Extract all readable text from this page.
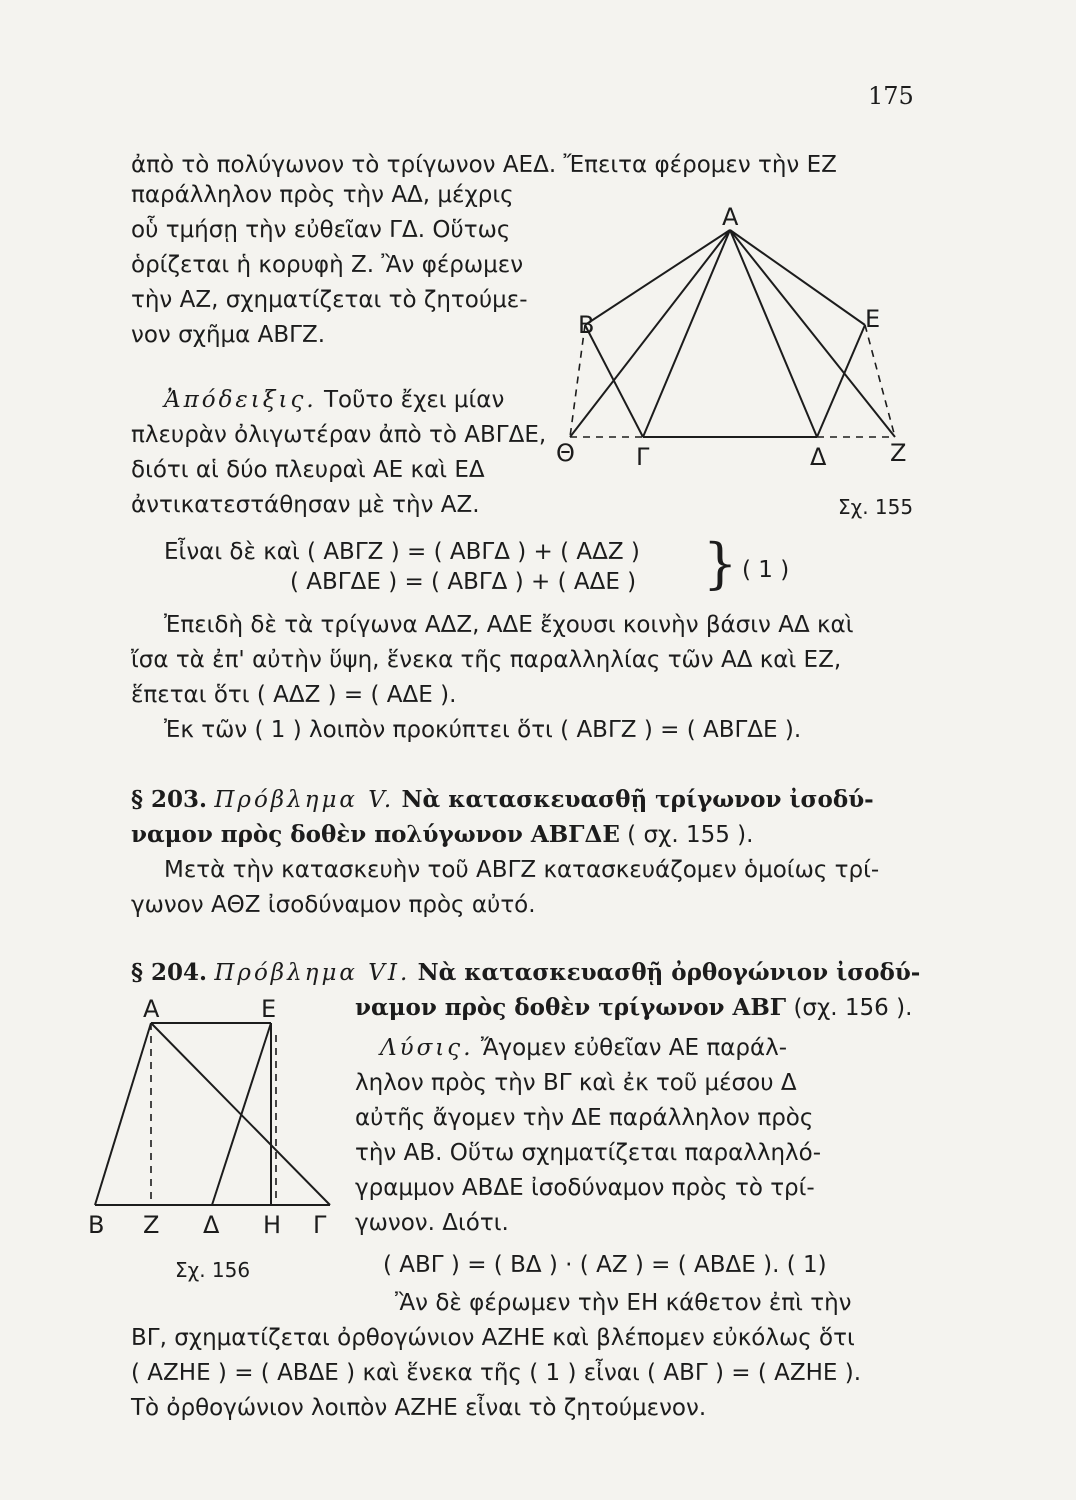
175
ἀπὸ τὸ πολύγωνον τὸ τρίγωνον ΑΕΔ. Ἔπειτα φέρομεν τὴν ΕΖ
παράλληλον πρὸς τὴν ΑΔ, μέχρις
οὗ τμήσῃ τὴν εὐθεῖαν ΓΔ. Οὕτως
ὁρίζεται ἡ κορυφὴ Ζ. Ἂν φέρωμεν
τὴν ΑΖ, σχηματίζεται τὸ ζητούμε-
νον σχῆμα ΑΒΓΖ.
Ἀπόδειξις. Τοῦτο ἔχει μίαν
πλευρὰν ὀλιγωτέραν ἀπὸ τὸ ΑΒΓΔΕ,
διότι αἱ δύο πλευραὶ ΑΕ καὶ ΕΔ
ἀντικατεστάθησαν μὲ τὴν ΑΖ.
Α
Β	Ε
Θ	Γ	Δ	Ζ
Σχ. 155
Εἶναι δὲ καὶ ( ΑΒΓΖ ) = ( ΑΒΓΔ ) + ( ΑΔΖ )
( ΑΒΓΔΕ ) = ( ΑΒΓΔ ) + ( ΑΔΕ ) } ( 1 )
Ἐπειδὴ δὲ τὰ τρίγωνα ΑΔΖ, ΑΔΕ ἔχουσι κοινὴν βάσιν ΑΔ καὶ
ἴσα τὰ ἐπ' αὐτὴν ὕψη, ἕνεκα τῆς παραλληλίας τῶν ΑΔ καὶ ΕΖ,
ἕπεται ὅτι ( ΑΔΖ ) = ( ΑΔΕ ).
Ἐκ τῶν ( 1 ) λοιπὸν προκύπτει ὅτι ( ΑΒΓΖ ) = ( ΑΒΓΔΕ ).
§ 203. Πρόβλημα V. Νὰ κατασκευασθῇ τρίγωνον ἰσοδύ-
ναμον πρὸς δοθὲν πολύγωνον ΑΒΓΔΕ ( σχ. 155 ).
Μετὰ τὴν κατασκευὴν τοῦ ΑΒΓΖ κατασκευάζομεν ὁμοίως τρί-
γωνον ΑΘΖ ἰσοδύναμον πρὸς αὐτό.
§ 204. Πρόβλημα VI. Νὰ κατασκευασθῇ ὀρθογώνιον ἰσοδύ-
ναμον πρὸς δοθὲν τρίγωνον ΑΒΓ (σχ. 156 ).
Λύσις. Ἄγομεν εὐθεῖαν ΑΕ παράλ-
ληλον πρὸς τὴν ΒΓ καὶ ἐκ τοῦ μέσου Δ
αὐτῆς ἄγομεν τὴν ΔΕ παράλληλον πρὸς
τὴν ΑΒ. Οὕτω σχηματίζεται παραλληλό-
γραμμον ΑΒΔΕ ἰσοδύναμον πρὸς τὸ τρί-
γωνον. Διότι.
( ΑΒΓ ) = ( ΒΔ ) · ( ΑΖ ) = ( ΑΒΔΕ ). ( 1)
Ἂν δὲ φέρωμεν τὴν ΕΗ κάθετον ἐπὶ τὴν
ΒΓ, σχηματίζεται ὀρθογώνιον ΑΖΗΕ καὶ βλέπομεν εὐκόλως ὅτι
( ΑΖΗΕ ) = ( ΑΒΔΕ ) καὶ ἕνεκα τῆς ( 1 ) εἶναι ( ΑΒΓ ) = ( ΑΖΗΕ ).
Τὸ ὀρθογώνιον λοιπὸν ΑΖΗΕ εἶναι τὸ ζητούμενον.
Α	Ε
Β Ζ Δ Η Γ
Σχ. 156
